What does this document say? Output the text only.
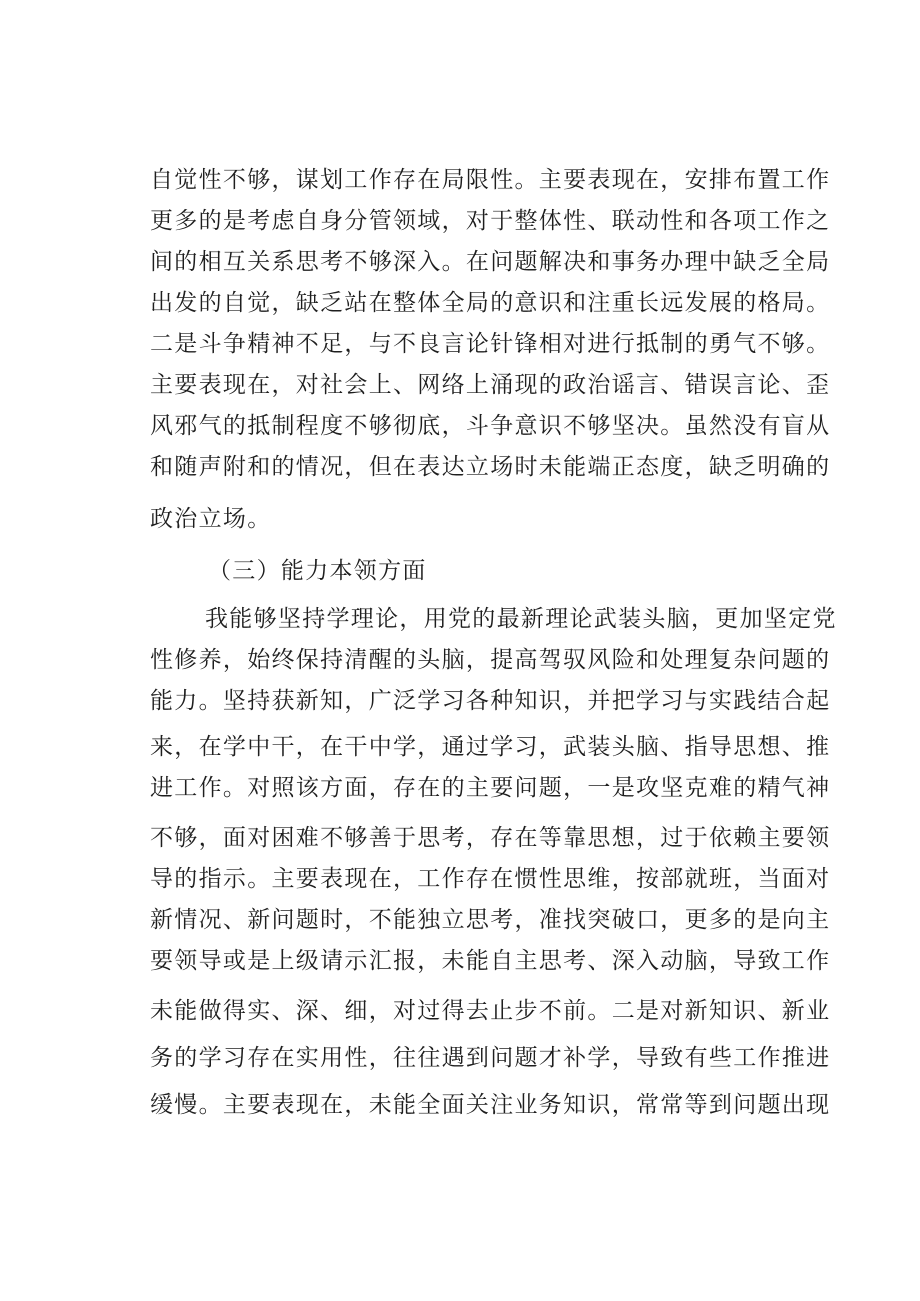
自觉性不够，谋划工作存在局限性。主要表现在，安排布置工作
更多的是考虑自身分管领域，对于整体性、联动性和各项工作之
间的相互关系思考不够深入。在问题解决和事务办理中缺乏全局
出发的自觉，缺乏站在整体全局的意识和注重长远发展的格局。
二是斗争精神不足，与不良言论针锋相对进行抵制的勇气不够。
主要表现在，对社会上、网络上涌现的政治谣言、错误言论、歪
风邪气的抵制程度不够彻底，斗争意识不够坚决。虽然没有盲从
和随声附和的情况，但在表达立场时未能端正态度，缺乏明确的
政治立场。
（三）能力本领方面
我能够坚持学理论，用党的最新理论武装头脑，更加坚定党
性修养，始终保持清醒的头脑，提高驾驭风险和处理复杂问题的
能力。坚持获新知，广泛学习各种知识，并把学习与实践结合起
来，在学中干，在干中学，通过学习，武装头脑、指导思想、推
进工作。对照该方面，存在的主要问题，一是攻坚克难的精气神
不够，面对困难不够善于思考，存在等靠思想，过于依赖主要领
导的指示。主要表现在，工作存在惯性思维，按部就班，当面对
新情况、新问题时，不能独立思考，准找突破口，更多的是向主
要领导或是上级请示汇报，未能自主思考、深入动脑，导致工作
未能做得实、深、细，对过得去止步不前。二是对新知识、新业
务的学习存在实用性，往往遇到问题才补学，导致有些工作推进
缓慢。主要表现在，未能全面关注业务知识，常常等到问题出现
